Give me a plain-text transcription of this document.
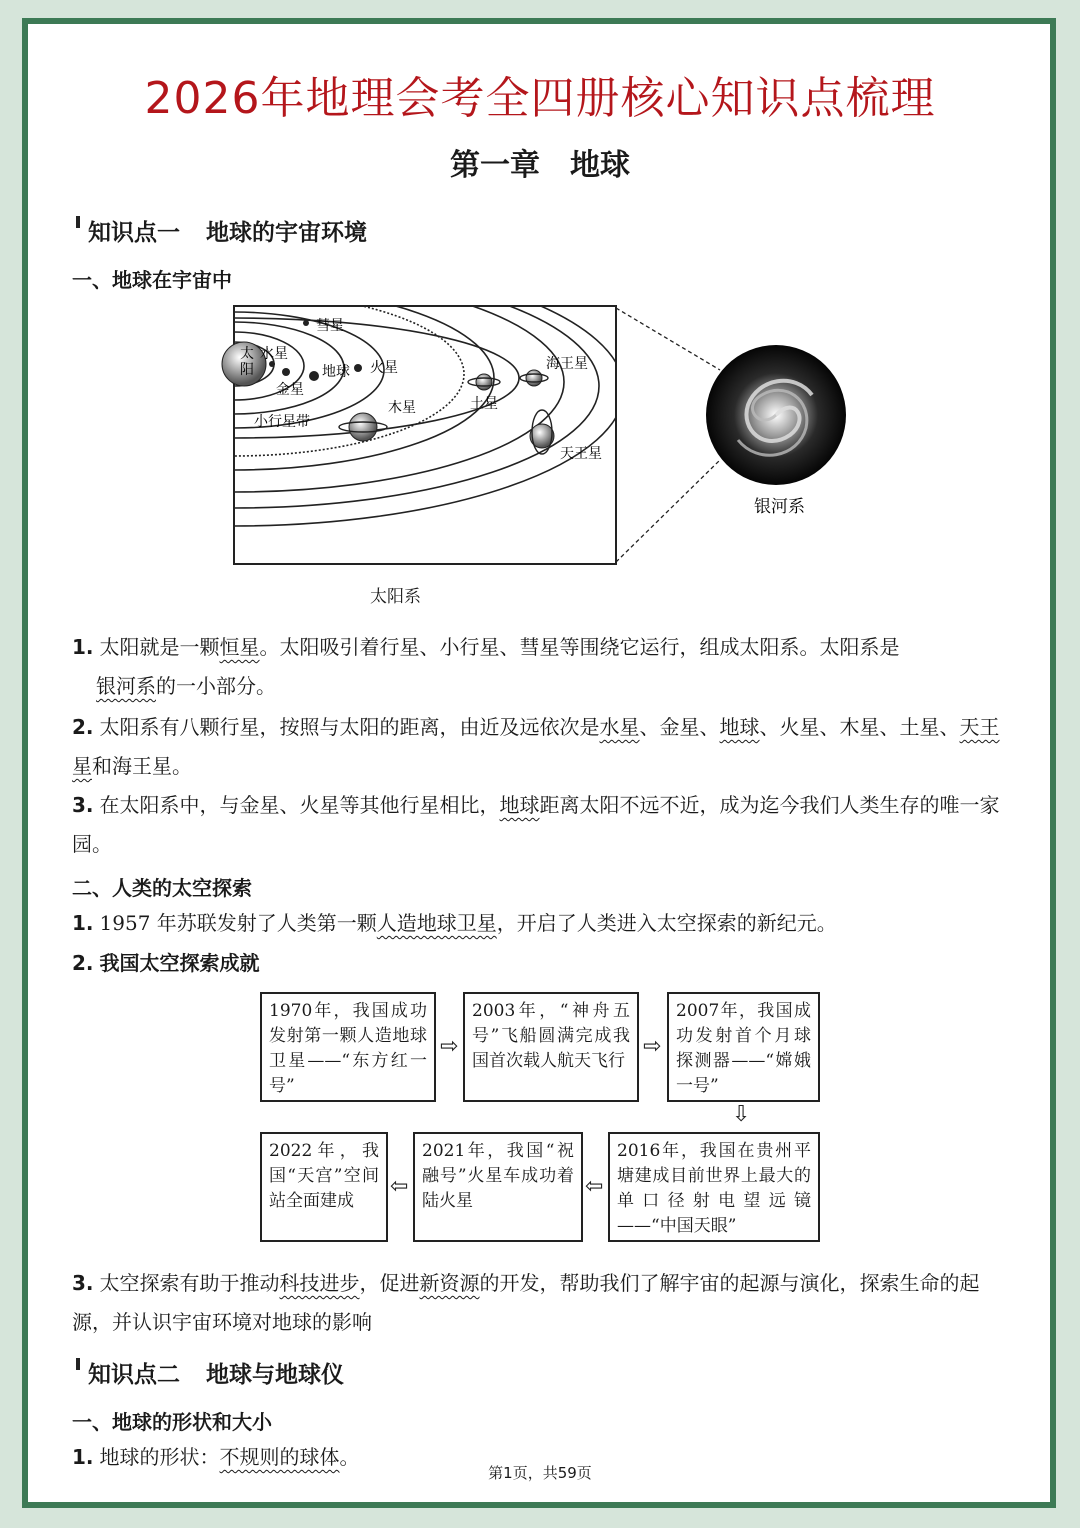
2026年地理会考全四册核心知识点梳理
第一章　地球
知识点一 地球的宇宙环境
一、地球在宇宙中
太
阳
水星
金星
地球 火星
彗星
小行星带
木星	土星
海王星
天王星
银河系
太阳系
1. 太阳就是一颗恒星。太阳吸引着行星、小行星、彗星等围绕它运行，组成太阳系。太阳系是
银河系的一小部分。
2. 太阳系有八颗行星，按照与太阳的距离，由近及远依次是水星、金星、地球、火星、木星、土星、天王星和海王星。
3. 在太阳系中，与金星、火星等其他行星相比，地球距离太阳不远不近，成为迄今我们人类生存的唯一家园。
二、人类的太空探索
1. 1957 年苏联发射了人类第一颗人造地球卫星，开启了人类进入太空探索的新纪元。
2. 我国太空探索成就
1970年，我国成功发射第一颗人造地球卫星——“东方红一号”
⇨
2003年，“神舟五号”飞船圆满完成我国首次载人航天飞行
⇨
2007年，我国成功发射首个月球探测器——“嫦娥一号”
⇩
2016年，我国在贵州平塘建成目前世界上最大的单口径射电望远镜——“中国天眼”
⇦
2021年，我国“祝融号”火星车成功着陆火星
⇦
2022年，我国“天宫”空间站全面建成
3. 太空探索有助于推动科技进步，促进新资源的开发，帮助我们了解宇宙的起源与演化，探索生命的起源，并认识宇宙环境对地球的影响
知识点二 地球与地球仪
一、地球的形状和大小
1. 地球的形状：不规则的球体。
第1页，共59页
